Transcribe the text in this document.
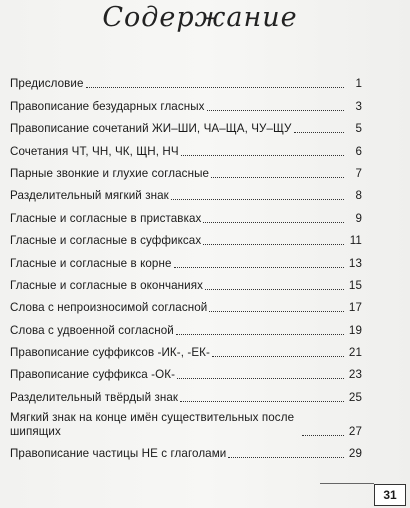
Содержание
Предисловие	1
Правописание безударных гласных	3
Правописание сочетаний ЖИ–ШИ, ЧА–ЩА, ЧУ–ЩУ	5
Сочетания ЧТ, ЧН, ЧК, ЩН, НЧ	6
Парные звонкие и глухие согласные	7
Разделительный мягкий знак	8
Гласные и согласные в приставках	9
Гласные и согласные в суффиксах	11
Гласные и согласные в корне	13
Гласные и согласные в окончаниях	15
Слова с непроизносимой согласной	17
Слова с удвоенной согласной	19
Правописание суффиксов -ИК-, -ЕК-	21
Правописание суффикса -ОК-	23
Разделительный твёрдый знак	25
Мягкий знак на конце имён существительных после шипящих	27
Правописание частицы НЕ с глаголами	29
31
